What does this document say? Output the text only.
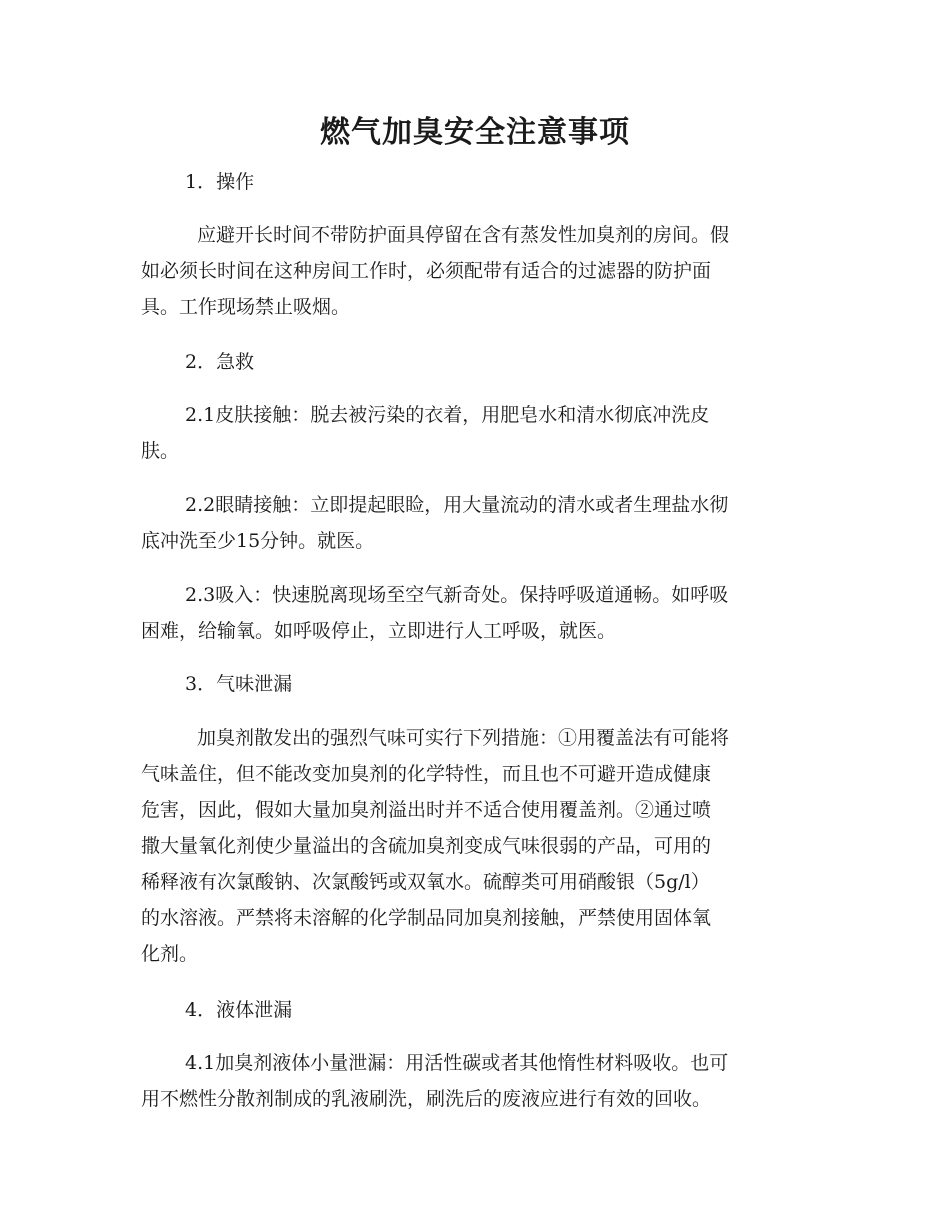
燃气加臭安全注意事项

1．操作

应避开长时间不带防护面具停留在含有蒸发性加臭剂的房间。假

如必须长时间在这种房间工作时，必须配带有适合的过滤器的防护面

具。工作现场禁止吸烟。

2．急救

2.1皮肤接触：脱去被污染的衣着，用肥皂水和清水彻底冲洗皮

肤。

2.2眼睛接触：立即提起眼睑，用大量流动的清水或者生理盐水彻

底冲洗至少15分钟。就医。

2.3吸入：快速脱离现场至空气新奇处。保持呼吸道通畅。如呼吸

困难，给输氧。如呼吸停止，立即进行人工呼吸，就医。

3．气味泄漏

加臭剂散发出的强烈气味可实行下列措施：①用覆盖法有可能将

气味盖住，但不能改变加臭剂的化学特性，而且也不可避开造成健康

危害，因此，假如大量加臭剂溢出时并不适合使用覆盖剂。②通过喷

撒大量氧化剂使少量溢出的含硫加臭剂变成气味很弱的产品，可用的

稀释液有次氯酸钠、次氯酸钙或双氧水。硫醇类可用硝酸银（5g/l）

的水溶液。严禁将未溶解的化学制品同加臭剂接触，严禁使用固体氧

化剂。

4．液体泄漏

4.1加臭剂液体小量泄漏：用活性碳或者其他惰性材料吸收。也可

用不燃性分散剂制成的乳液刷洗，刷洗后的废液应进行有效的回收。
